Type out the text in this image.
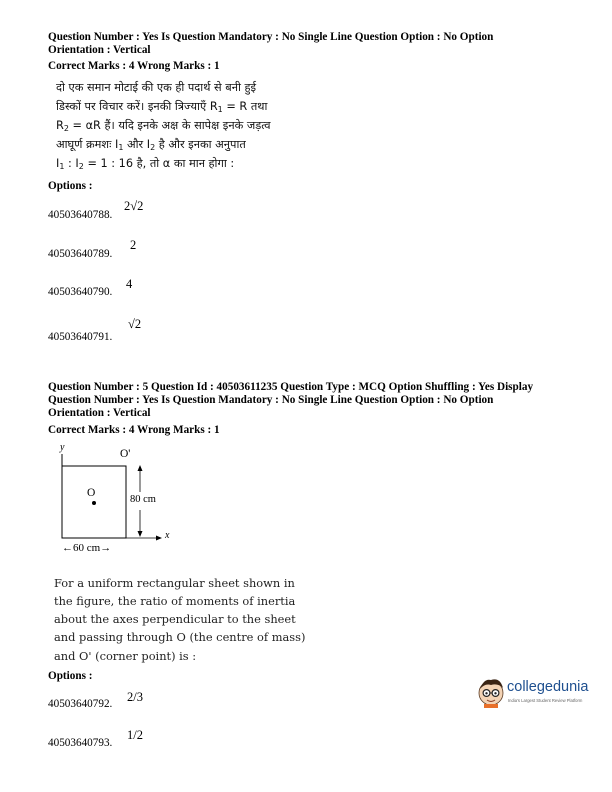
Question Number : Yes Is Question Mandatory : No Single Line Question Option : No Option
Orientation : Vertical
Correct Marks : 4 Wrong Marks : 1
दो एक समान मोटाई की एक ही पदार्थ से बनी हुई
डिस्कों पर विचार करें। इनकी त्रिज्याएँ $R_1 = R$ तथा
$R_2 = \alpha R$ हैं। यदि इनके अक्ष के सापेक्ष इनके जड़त्व
आघूर्ण क्रमशः $I_1$ और $I_2$ है और इनका अनुपात
$I_1$ : $I_2 = 1$ : 16 है, तो α का मान होगा :
Options :
40503640788.
2√2
40503640789.
2
40503640790.
4
40503640791.
√2
Question Number : 5 Question Id : 40503611235 Question Type : MCQ Option Shuffling : Yes Display
Question Number : Yes Is Question Mandatory : No Single Line Question Option : No Option
Orientation : Vertical
Correct Marks : 4 Wrong Marks : 1
y
O'
O
80 cm
x
←60 cm→
For a uniform rectangular sheet shown in
the figure, the ratio of moments of inertia
about the axes perpendicular to the sheet
and passing through O (the centre of mass)
and O' (corner point) is :
Options :
40503640792. 2/3
40503640793.
1/2
collegedunia
India's Largest Student Review Platform
